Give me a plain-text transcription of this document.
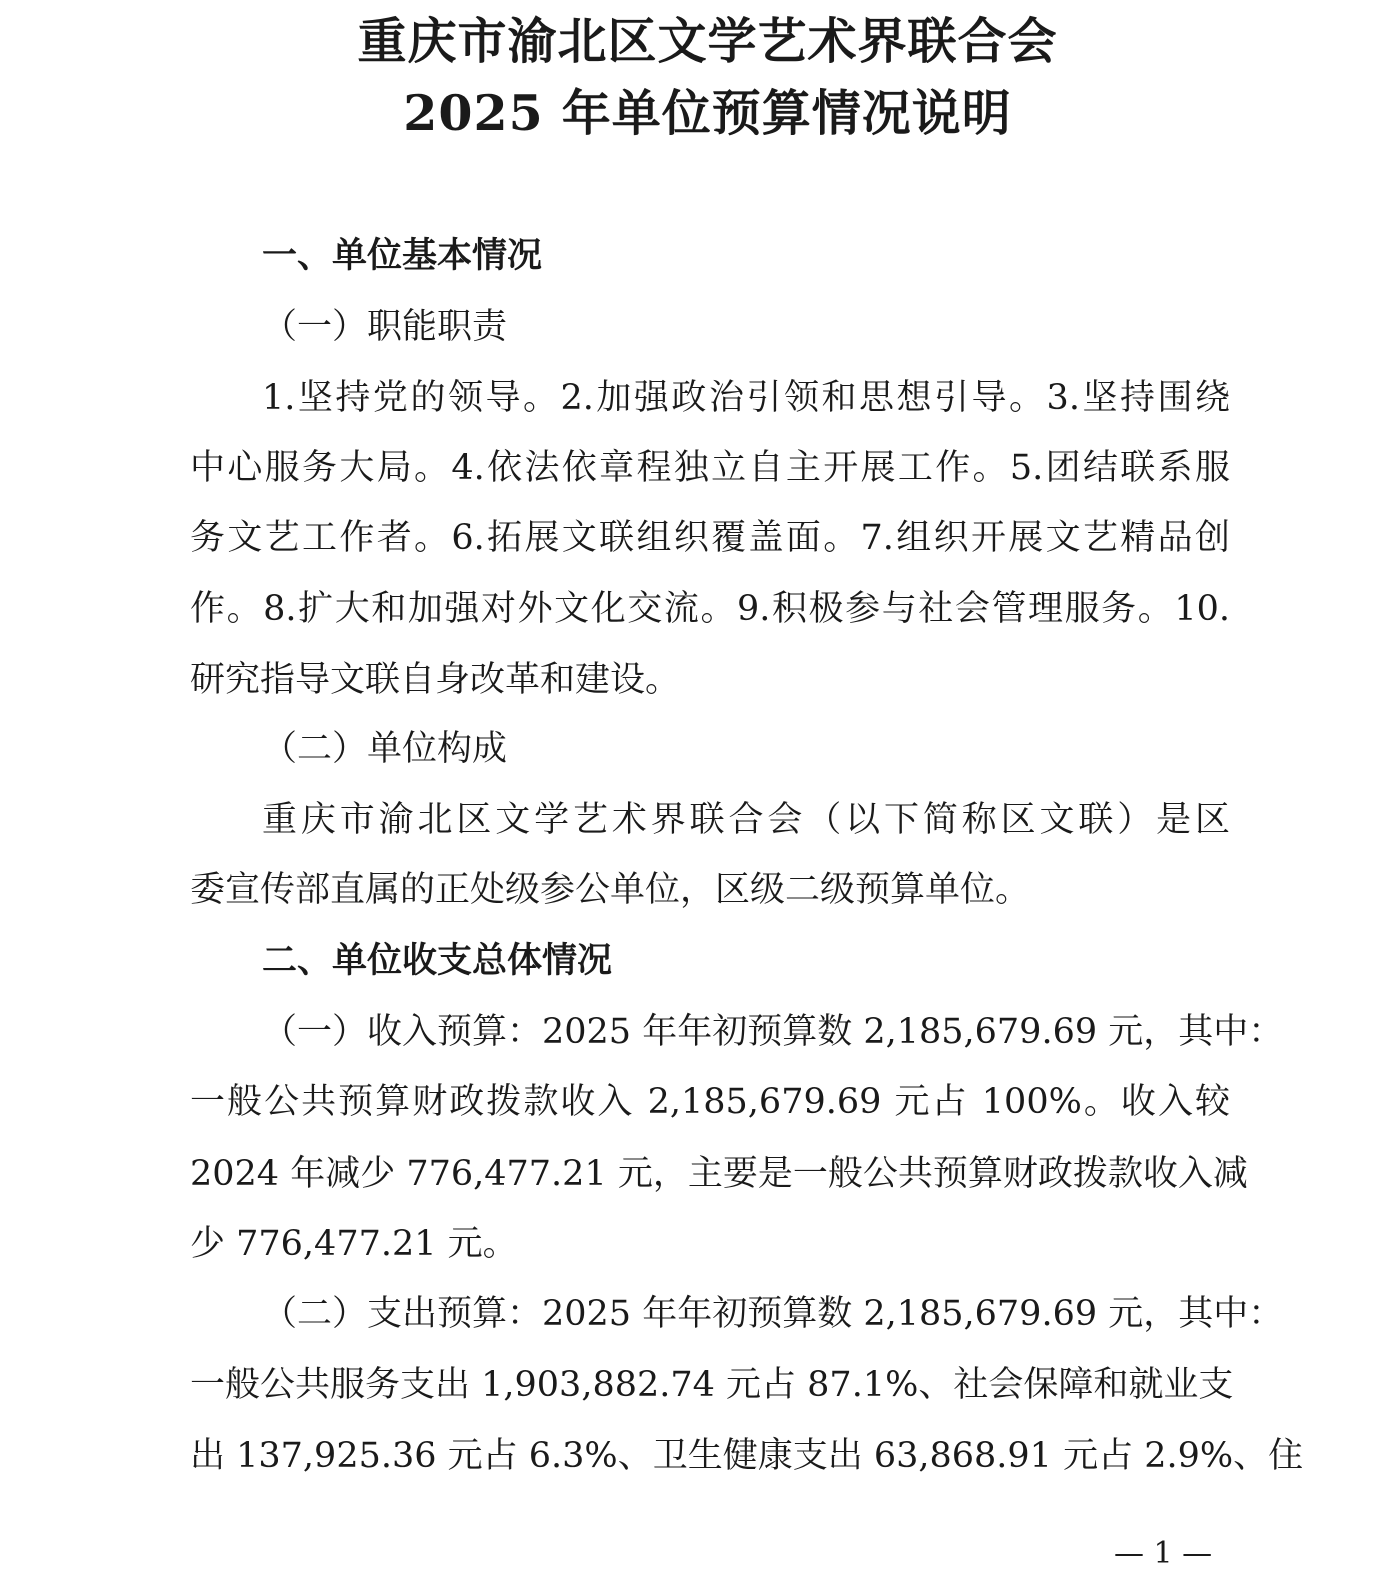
重庆市渝北区文学艺术界联合会
2025 年单位预算情况说明
一、单位基本情况
（一）职能职责
1.坚持党的领导。2.加强政治引领和思想引导。3.坚持围绕
中心服务大局。4.依法依章程独立自主开展工作。5.团结联系服
务文艺工作者。6.拓展文联组织覆盖面。7.组织开展文艺精品创
作。8.扩大和加强对外文化交流。9.积极参与社会管理服务。10.
研究指导文联自身改革和建设。
（二）单位构成
重庆市渝北区文学艺术界联合会（以下简称区文联）是区
委宣传部直属的正处级参公单位，区级二级预算单位。
二、单位收支总体情况
（一）收入预算：2025 年年初预算数 2,185,679.69 元，其中：
一般公共预算财政拨款收入 2,185,679.69 元占 100%。收入较
2024 年减少 776,477.21 元，主要是一般公共预算财政拨款收入减
少 776,477.21 元。
（二）支出预算：2025 年年初预算数 2,185,679.69 元，其中：
一般公共服务支出 1,903,882.74 元占 87.1%、社会保障和就业支
出 137,925.36 元占 6.3%、卫生健康支出 63,868.91 元占 2.9%、住
— 1 —
